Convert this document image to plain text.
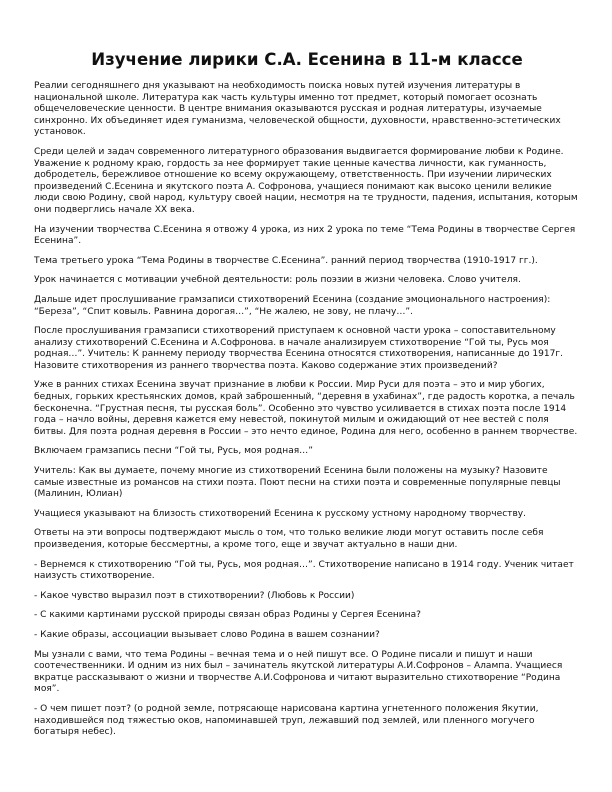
Изучение лирики С.А. Есенина в 11-м классе

Реалии сегодняшнего дня указывают на необходимость поиска новых путей изучения литературы в национальной школе. Литература как часть культуры именно тот предмет, который помогает осознать общечеловеческие ценности. В центре внимания оказываются русская и родная литературы, изучаемые синхронно. Их объединяет идея гуманизма, человеческой общности, духовности, нравственно-эстетических установок.

Среди целей и задач современного литературного образования выдвигается формирование любви к Родине. Уважение к родному краю, гордость за нее формирует такие ценные качества личности, как гуманность, добродетель, бережливое отношение ко всему окружающему, ответственность. При изучении лирических произведений С.Есенина и якутского поэта А. Софронова, учащиеся понимают как высоко ценили великие люди свою Родину, свой народ, культуру своей нации, несмотря на те трудности, падения, испытания, которым они подверглись начале XX века.

На изучении творчества С.Есенина я отвожу 4 урока, из них 2 урока по теме “Тема Родины в творчестве Сергея Есенина”.

Тема третьего урока “Тема Родины в творчестве С.Есенина”. ранний период творчества (1910-1917 гг.).

Урок начинается с мотивации учебной деятельности: роль поэзии в жизни человека. Слово учителя.

Дальше идет прослушивание грамзаписи стихотворений Есенина (создание эмоционального настроения): “Береза”, “Спит ковыль. Равнина дорогая…”, “Не жалею, не зову, не плачу…”.

После прослушивания грамзаписи стихотворений приступаем к основной части урока – сопоставительному анализу стихотворений С.Есенина и А.Софронова. в начале анализируем стихотворение “Гой ты, Русь моя родная…”. Учитель: К раннему периоду творчества Есенина относятся стихотворения, написанные до 1917г. Назовите стихотворения из раннего творчества поэта. Каково содержание этих произведений?

Уже в ранних стихах Есенина звучат признание в любви к России. Мир Руси для поэта – это и мир убогих, бедных, горьких крестьянских домов, край заброшенный, “деревня в ухабинах”, где радость коротка, а печаль бесконечна. “Грустная песня, ты русская боль”. Особенно это чувство усиливается в стихах поэта после 1914 года – начло войны, деревня кажется ему невестой, покинутой милым и ожидающий от нее вестей с поля битвы. Для поэта родная деревня в России – это нечто единое, Родина для него, особенно в раннем творчестве.

Включаем грамзапись песни “Гой ты, Русь, моя родная…”

Учитель: Как вы думаете, почему многие из стихотворений Есенина были положены на музыку? Назовите самые известные из романсов на стихи поэта. Поют песни на стихи поэта и современные популярные певцы (Малинин, Юлиан)

Учащиеся указывают на близость стихотворений Есенина к русскому устному народному творчеству.

Ответы на эти вопросы подтверждают мысль о том, что только великие люди могут оставить после себя произведения, которые бессмертны, а кроме того, еще и звучат актуально в наши дни.

- Вернемся к стихотворению “Гой ты, Русь, моя родная…”. Стихотворение написано в 1914 году. Ученик читает наизусть стихотворение.

- Какое чувство выразил поэт в стихотворении? (Любовь к России)

- С какими картинами русской природы связан образ Родины у Сергея Есенина?

- Какие образы, ассоциации вызывает слово Родина в вашем сознании?

Мы узнали с вами, что тема Родины – вечная тема и о ней пишут все. О Родине писали и пишут и наши соотечественники. И одним из них был – зачинатель якутской литературы А.И.Софронов – Алампа. Учащиеся вкратце рассказывают о жизни и творчестве А.И.Софронова и читают выразительно стихотворение “Родина моя”.

- О чем пишет поэт? (о родной земле, потрясающе нарисована картина угнетенного положения Якутии, находившейся под тяжестью оков, напоминавшей труп, лежавший под землей, или пленного могучего богатыря небес).
